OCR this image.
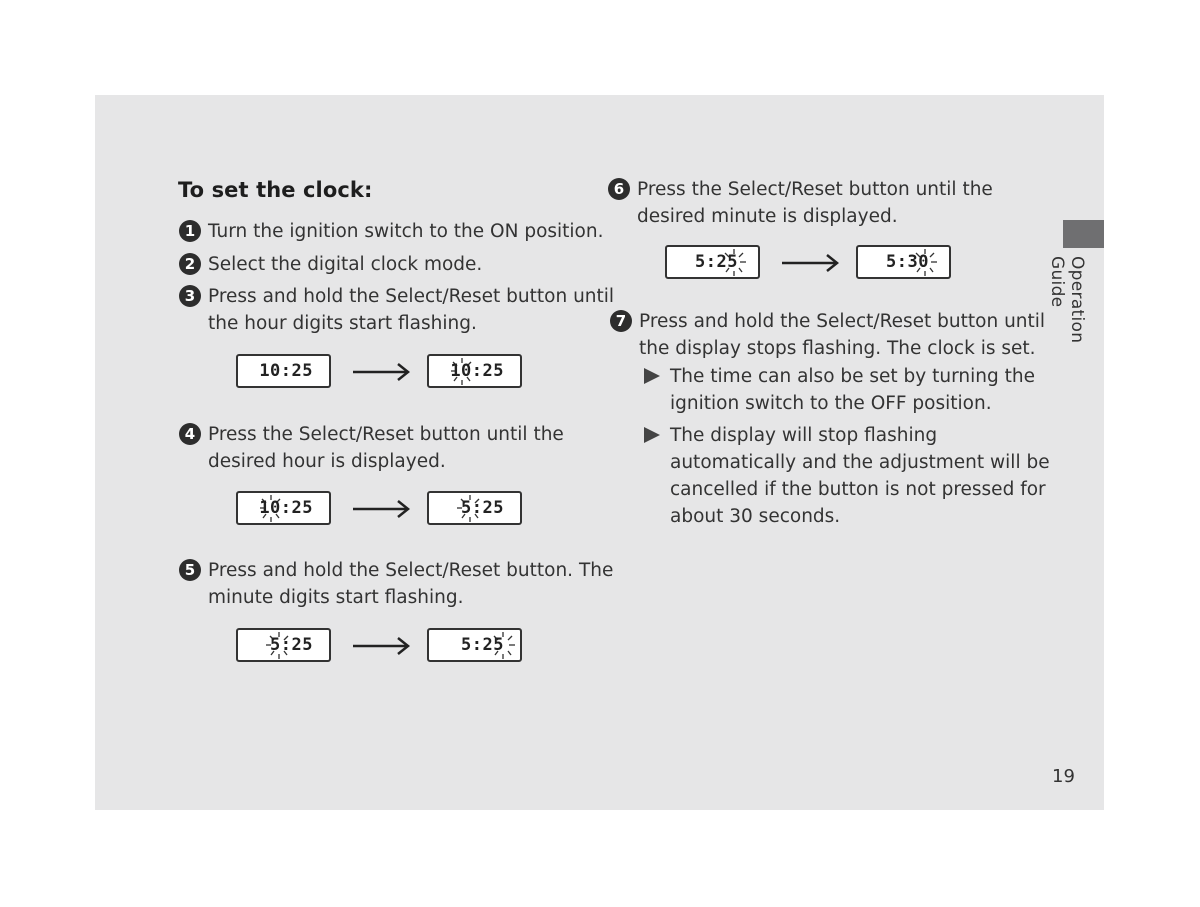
To set the clock:
1 Turn the ignition switch to the ON position.

2 Select the digital clock mode.

3 Press and hold the Select/Reset button until

the hour digits start flashing.

10:25	10:25
4 Press the Select/Reset button until the

desired hour is displayed.

10:25	5:25
5 Press and hold the Select/Reset button. The

minute digits start flashing.

5:25	5:25
6 Press the Select/Reset button until the

desired minute is displayed.

5:25	5:30
7 Press and hold the Select/Reset button until

the display stops flashing. The clock is set.

The time can also be set by turning the

ignition switch to the OFF position.

The display will stop flashing

automatically and the adjustment will be

cancelled if the button is not pressed for

about 30 seconds.

Operation Guide
19
